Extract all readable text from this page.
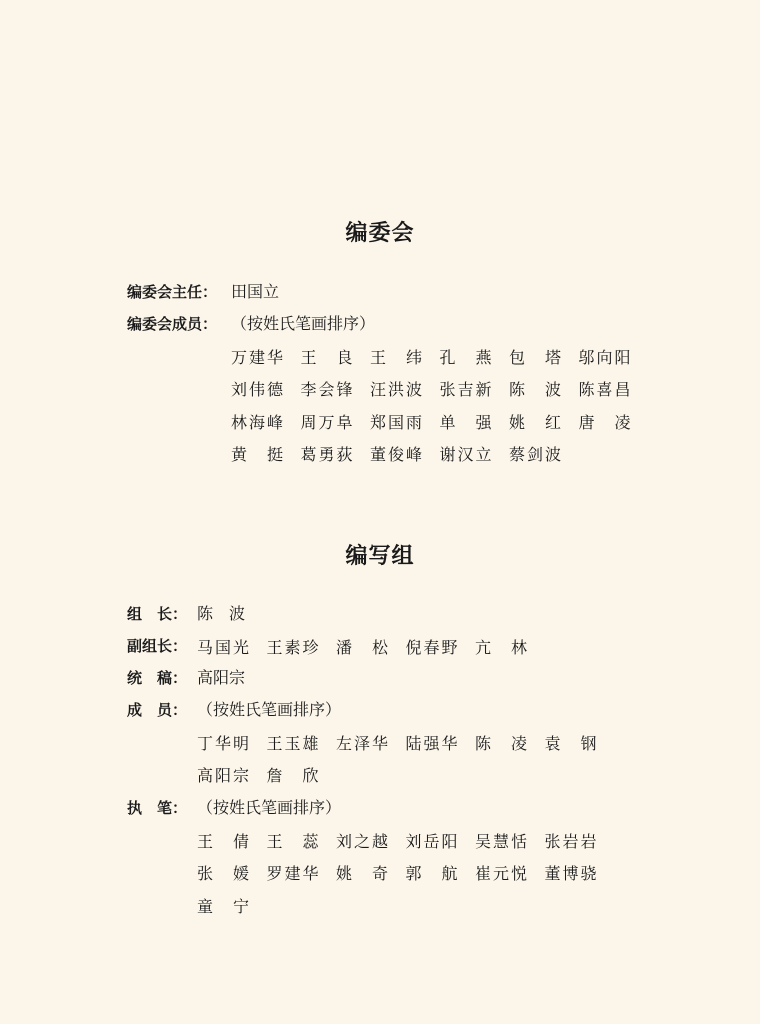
编委会
编委会主任： 田国立
编委会成员： （按姓氏笔画排序）
万建华 王　良 王　纬 孔　燕 包　塔 邬向阳
刘伟德 李会锋 汪洪波 张吉新 陈　波 陈喜昌
林海峰 周万阜 郑国雨 单　强 姚　红 唐　凌
黄　挺 葛勇荻 董俊峰 谢汉立 蔡剑波
编写组
组　长： 陈　波
副组长： 马国光 王素珍 潘　松 倪春野 亢　林
统　稿： 高阳宗
成　员： （按姓氏笔画排序）
丁华明 王玉雄 左泽华 陆强华 陈　凌 袁　钢
高阳宗 詹　欣
执　笔： （按姓氏笔画排序）
王　倩 王　蕊 刘之越 刘岳阳 吴慧恬 张岩岩
张　媛 罗建华 姚　奇 郭　航 崔元悦 董博骁
童　宁
